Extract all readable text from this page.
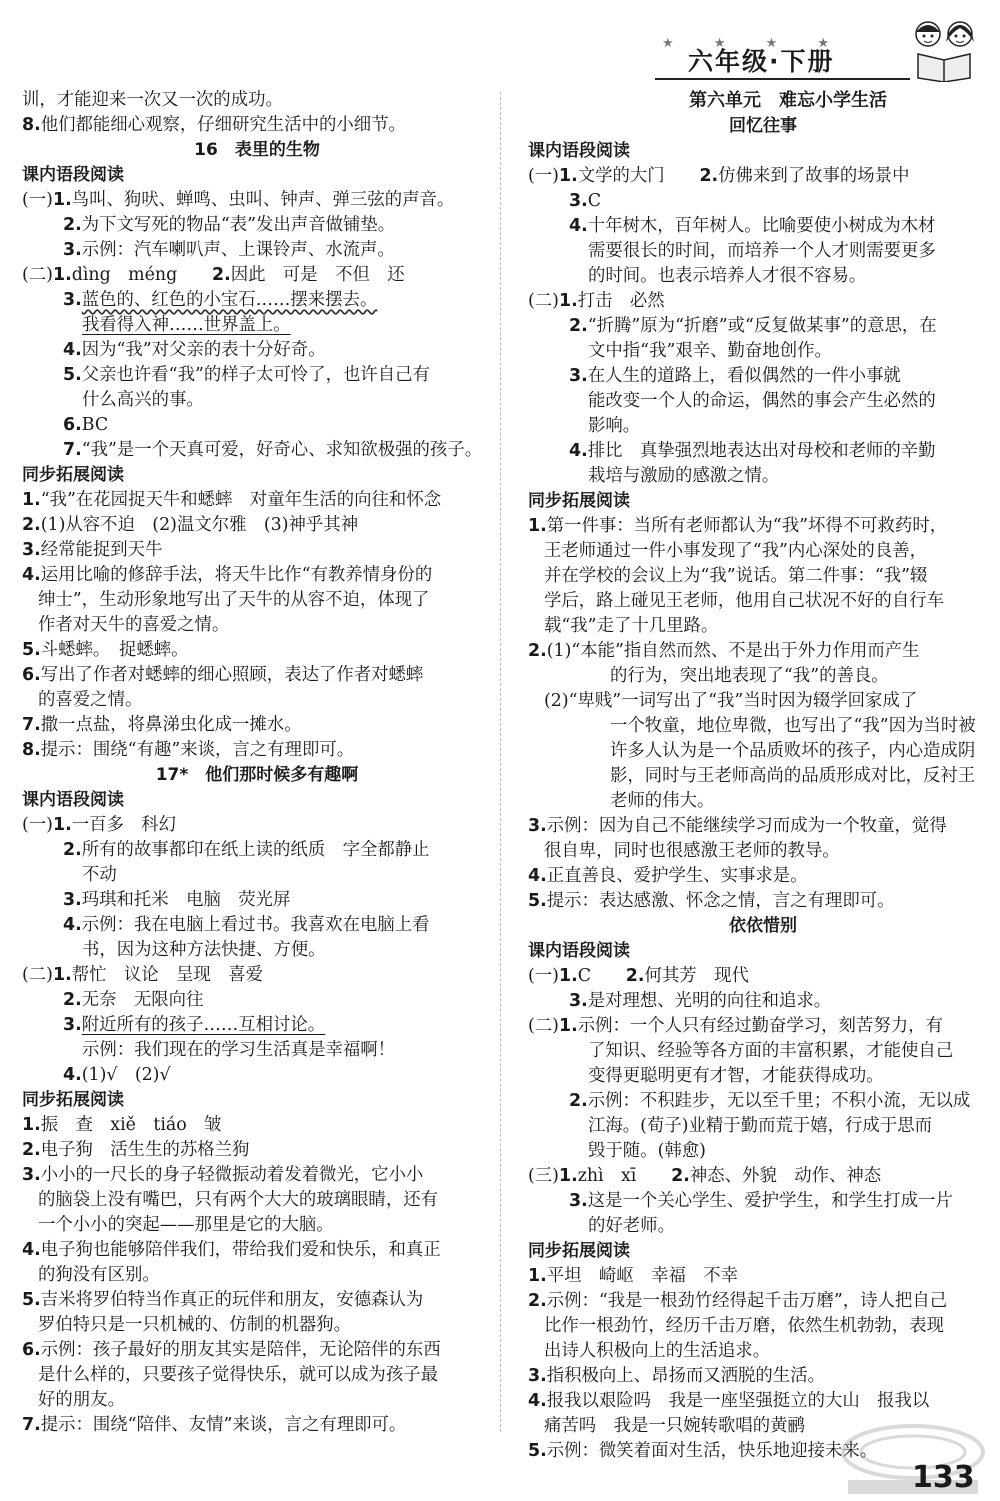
★ ★ ★ ★
六年级·下册
训，才能迎来一次又一次的成功。
8.他们都能细心观察，仔细研究生活中的小细节。
16　表里的生物
课内语段阅读
(一)1.鸟叫、狗吠、蝉鸣、虫叫、钟声、弹三弦的声音。
2.为下文写死的物品“表”发出声音做铺垫。
3.示例：汽车喇叭声、上课铃声、水流声。
(二)1.dìng　méng　　2.因此　可是　不但　还
3.蓝色的、红色的小宝石……摆来摆去。
我看得入神……世界盖上。
4.因为“我”对父亲的表十分好奇。
5.父亲也许看“我”的样子太可怜了，也许自己有
什么高兴的事。
6.BC
7.“我”是一个天真可爱，好奇心、求知欲极强的孩子。
同步拓展阅读
1.“我”在花园捉天牛和蟋蟀　对童年生活的向往和怀念
2.(1)从容不迫　(2)温文尔雅　(3)神乎其神
3.经常能捉到天牛
4.运用比喻的修辞手法，将天牛比作“有教养情身份的
绅士”，生动形象地写出了天牛的从容不迫，体现了
作者对天牛的喜爱之情。
5.斗蟋蟀。　捉蟋蟀。
6.写出了作者对蟋蟀的细心照顾，表达了作者对蟋蟀
的喜爱之情。
7.撒一点盐，将鼻涕虫化成一摊水。
8.提示：围绕“有趣”来谈，言之有理即可。
17*　他们那时候多有趣啊
课内语段阅读
(一)1.一百多　科幻
2.所有的故事都印在纸上读的纸质　字全都静止
不动
3.玛琪和托米　电脑　荧光屏
4.示例：我在电脑上看过书。我喜欢在电脑上看
书，因为这种方法快捷、方便。
(二)1.帮忙　议论　呈现　喜爱
2.无奈　无限向往
3.附近所有的孩子……互相讨论。
示例：我们现在的学习生活真是幸福啊！
4.(1)√　(2)√
同步拓展阅读
1.振　查　xiě　tiáo　皱
2.电子狗　活生生的苏格兰狗
3.小小的一尺长的身子轻微振动着发着微光，它小小
的脑袋上没有嘴巴，只有两个大大的玻璃眼睛，还有
一个小小的突起——那里是它的大脑。
4.电子狗也能够陪伴我们，带给我们爱和快乐，和真正
的狗没有区别。
5.吉米将罗伯特当作真正的玩伴和朋友，安德森认为
罗伯特只是一只机械的、仿制的机器狗。
6.示例：孩子最好的朋友其实是陪伴，无论陪伴的东西
是什么样的，只要孩子觉得快乐，就可以成为孩子最
好的朋友。
7.提示：围绕“陪伴、友情”来谈，言之有理即可。
第六单元　难忘小学生活
回忆往事
课内语段阅读
(一)1.文学的大门　　2.仿佛来到了故事的场景中
3.C
4.十年树木，百年树人。比喻要使小树成为木材
需要很长的时间，而培养一个人才则需要更多
的时间。也表示培养人才很不容易。
(二)1.打击　必然
2.“折腾”原为“折磨”或“反复做某事”的意思，在
文中指“我”艰辛、勤奋地创作。
3.在人生的道路上，看似偶然的一件小事就
能改变一个人的命运，偶然的事会产生必然的
影响。
4.排比　真挚强烈地表达出对母校和老师的辛勤
栽培与激励的感激之情。
同步拓展阅读
1.第一件事：当所有老师都认为“我”坏得不可救药时，
王老师通过一件小事发现了“我”内心深处的良善，
并在学校的会议上为“我”说话。第二件事：“我”辍
学后，路上碰见王老师，他用自己状况不好的自行车
载“我”走了十几里路。
2.(1)“本能”指自然而然、不是出于外力作用而产生
的行为，突出地表现了“我”的善良。
(2)“卑贱”一词写出了“我”当时因为辍学回家成了
一个牧童，地位卑微，也写出了“我”因为当时被
许多人认为是一个品质败坏的孩子，内心造成阴
影，同时与王老师高尚的品质形成对比，反衬王
老师的伟大。
3.示例：因为自己不能继续学习而成为一个牧童，觉得
很自卑，同时也很感激王老师的教导。
4.正直善良、爱护学生、实事求是。
5.提示：表达感激、怀念之情，言之有理即可。
依依惜别
课内语段阅读
(一)1.C　　2.何其芳　现代
3.是对理想、光明的向往和追求。
(二)1.示例：一个人只有经过勤奋学习，刻苦努力，有
了知识、经验等各方面的丰富积累，才能使自己
变得更聪明更有才智，才能获得成功。
2.示例：不积跬步，无以至千里；不积小流，无以成
江海。(荀子)业精于勤而荒于嬉，行成于思而
毁于随。(韩愈)
(三)1.zhì　xī　　2.神态、外貌　动作、神态
3.这是一个关心学生、爱护学生，和学生打成一片
的好老师。
同步拓展阅读
1.平坦　崎岖　幸福　不幸
2.示例：“我是一根劲竹经得起千击万磨”，诗人把自己
比作一根劲竹，经历千击万磨，依然生机勃勃，表现
出诗人积极向上的生活追求。
3.指积极向上、昂扬而又洒脱的生活。
4.报我以艰险吗　我是一座坚强挺立的大山　报我以
痛苦吗　我是一只婉转歌唱的黄鹂
5.示例：微笑着面对生活，快乐地迎接未来。
133
